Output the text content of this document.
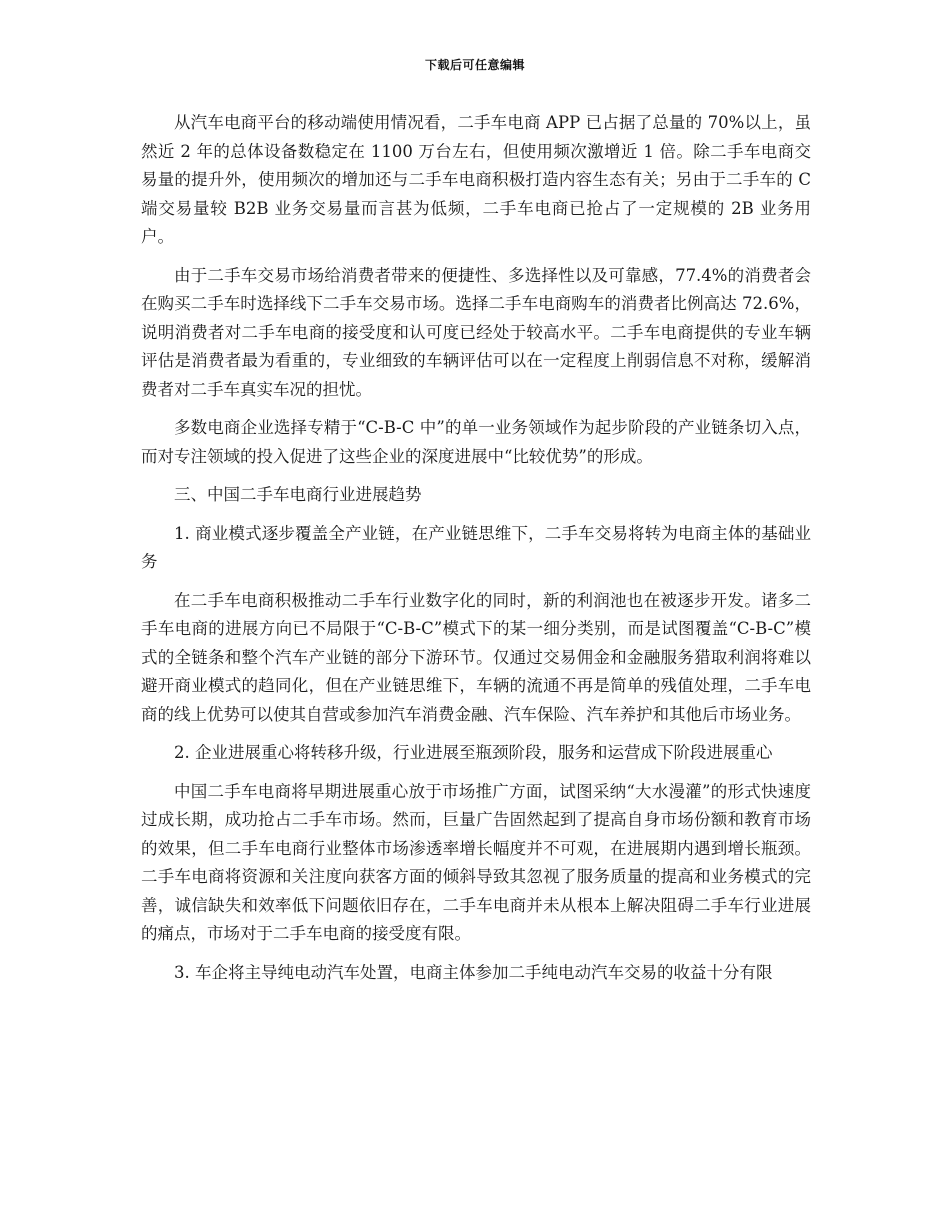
下载后可任意编辑

从汽车电商平台的移动端使用情况看，二手车电商 APP 已占据了总量的 70%以上，虽然近 2 年的总体设备数稳定在 1100 万台左右，但使用频次激增近 1 倍。除二手车电商交易量的提升外，使用频次的增加还与二手车电商积极打造内容生态有关；另由于二手车的 C 端交易量较 B2B 业务交易量而言甚为低频，二手车电商已抢占了一定规模的 2B 业务用户。

由于二手车交易市场给消费者带来的便捷性、多选择性以及可靠感，77.4%的消费者会在购买二手车时选择线下二手车交易市场。选择二手车电商购车的消费者比例高达 72.6%，说明消费者对二手车电商的接受度和认可度已经处于较高水平。二手车电商提供的专业车辆评估是消费者最为看重的，专业细致的车辆评估可以在一定程度上削弱信息不对称，缓解消费者对二手车真实车况的担忧。

多数电商企业选择专精于“C-B-C 中”的单一业务领域作为起步阶段的产业链条切入点，而对专注领域的投入促进了这些企业的深度进展中“比较优势”的形成。

三、中国二手车电商行业进展趋势

1. 商业模式逐步覆盖全产业链，在产业链思维下，二手车交易将转为电商主体的基础业务

在二手车电商积极推动二手车行业数字化的同时，新的利润池也在被逐步开发。诸多二手车电商的进展方向已不局限于“C-B-C”模式下的某一细分类别，而是试图覆盖“C-B-C”模式的全链条和整个汽车产业链的部分下游环节。仅通过交易佣金和金融服务猎取利润将难以避开商业模式的趋同化，但在产业链思维下，车辆的流通不再是简单的残值处理，二手车电商的线上优势可以使其自营或参加汽车消费金融、汽车保险、汽车养护和其他后市场业务。

2. 企业进展重心将转移升级，行业进展至瓶颈阶段，服务和运营成下阶段进展重心

中国二手车电商将早期进展重心放于市场推广方面，试图采纳“大水漫灌”的形式快速度过成长期，成功抢占二手车市场。然而，巨量广告固然起到了提高自身市场份额和教育市场的效果，但二手车电商行业整体市场渗透率增长幅度并不可观，在进展期内遇到增长瓶颈。二手车电商将资源和关注度向获客方面的倾斜导致其忽视了服务质量的提高和业务模式的完善，诚信缺失和效率低下问题依旧存在，二手车电商并未从根本上解决阻碍二手车行业进展的痛点，市场对于二手车电商的接受度有限。

3. 车企将主导纯电动汽车处置，电商主体参加二手纯电动汽车交易的收益十分有限
